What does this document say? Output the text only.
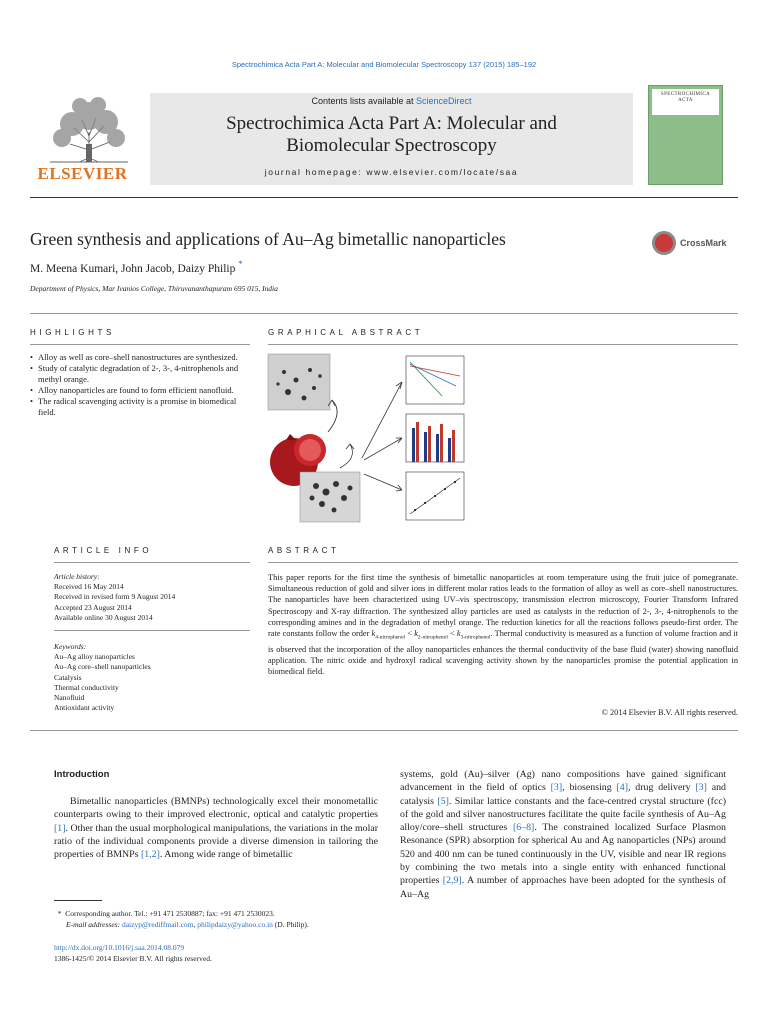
Spectrochimica Acta Part A: Molecular and Biomolecular Spectroscopy 137 (2015) 185–192
ELSEVIER
Contents lists available at ScienceDirect
Spectrochimica Acta Part A: Molecular and
Biomolecular Spectroscopy
journal homepage: www.elsevier.com/locate/saa
SPECTROCHIMICA
ACTA
Green synthesis and applications of Au–Ag bimetallic nanoparticles	CrossMark
M. Meena Kumari, John Jacob, Daizy Philip *
Department of Physics, Mar Ivanios College, Thiruvananthapuram 695 015, India
HIGHLIGHTS
• Alloy as well as core–shell nanostructures are synthesized.
• Study of catalytic degradation of 2-, 3-, 4-nitrophenols and methyl orange.
• Alloy nanoparticles are found to form efficient nanofluid.
• The radical scavenging activity is a promise in biomedical field.
GRAPHICAL ABSTRACT
ARTICLE INFO
Article history:
Received 16 May 2014
Received in revised form 9 August 2014
Accepted 23 August 2014
Available online 30 August 2014
Keywords:
Au–Ag alloy nanoparticles
Au–Ag core–shell nanoparticles
Catalysis
Thermal conductivity
Nanofluid
Antioxidant activity
ABSTRACT
This paper reports for the first time the synthesis of bimetallic nanoparticles at room temperature using the fruit juice of pomegranate. Simultaneous reduction of gold and silver ions in different molar ratios leads to the formation of alloy as well as core–shell nanostructures. The nanoparticles have been characterized using UV–vis spectroscopy, transmission electron microscopy, Fourier Transform Infrared Spectroscopy and X-ray diffraction. The synthesized alloy particles are used as catalysts in the reduction of 2-, 3-, 4-nitrophenols to the corresponding amines and in the degradation of methyl orange. The reduction kinetics for all the reactions follows pseudo-first order. The rate constants follow the order $k_{4-nitrophenol} < k_{2-nitrophenol} < k_{3-nitrophenol}$. Thermal conductivity is measured as a function of volume fraction and it is observed that the incorporation of the alloy nanoparticles enhances the thermal conductivity of the base fluid (water) showing nanofluid application. The nitric oxide and hydroxyl radical scavenging activity shown by the nanoparticles promise the potential application in biomedical field.
© 2014 Elsevier B.V. All rights reserved.
Introduction
Bimetallic nanoparticles (BMNPs) technologically excel their monometallic counterparts owing to their improved electronic, optical and catalytic properties [1]. Other than the usual morphological manipulations, the variations in the molar ratio of the individual components provide a diverse dimension in tailoring the properties of BMNPs [1,2]. Among wide range of bimetallic
systems, gold (Au)–silver (Ag) nano compositions have gained significant advancement in the field of optics [3], biosensing [4], drug delivery [3] and catalysis [5]. Similar lattice constants and the face-centred crystal structure (fcc) of the gold and silver nanostructures facilitate the quite facile synthesis of Au–Ag alloy/core–shell structures [6–8]. The constrained localized Surface Plasmon Resonance (SPR) absorption for spherical Au and Ag nanoparticles (NPs) around 520 and 400 nm can be tuned continuously in the UV, visible and near IR regions by combining the two metals into a single entity with enhanced functional properties [2,9]. A number of approaches have been adopted for the synthesis of Au–Ag
* Corresponding author. Tel.: +91 471 2530887; fax: +91 471 2530023.
E-mail addresses: daizyp@rediffmail.com, philipdaizy@yahoo.co.in (D. Philip).
http://dx.doi.org/10.1016/j.saa.2014.08.079
1386-1425/© 2014 Elsevier B.V. All rights reserved.
